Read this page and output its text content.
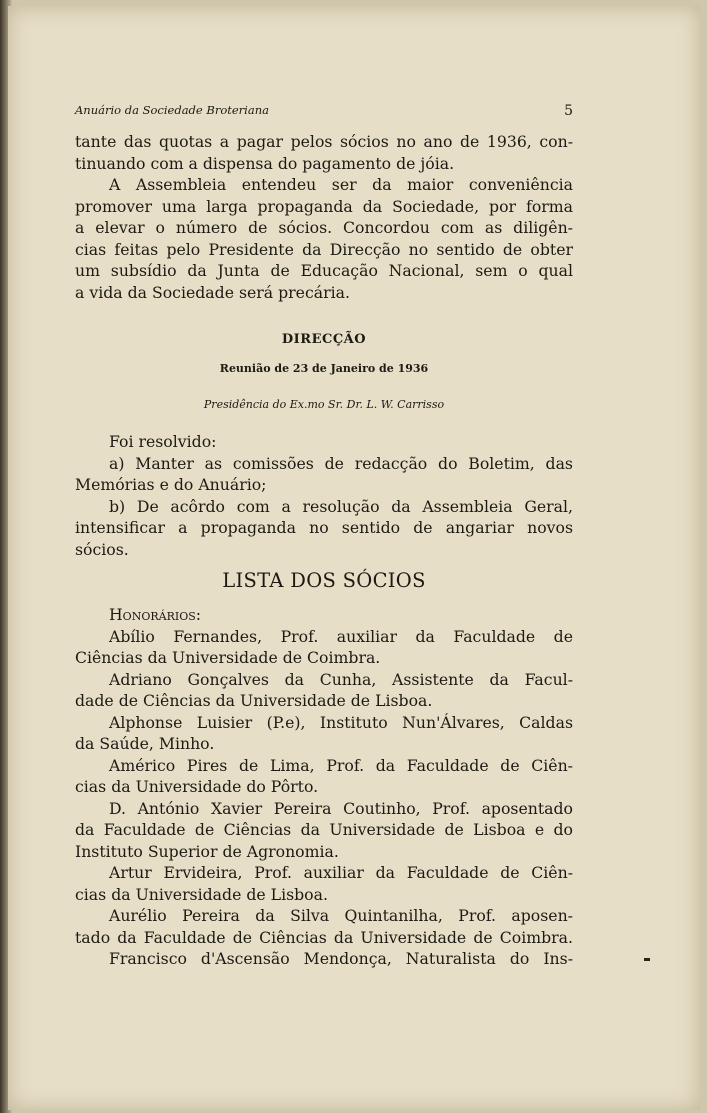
Anuário da Sociedade Broteriana	5
tante das quotas a pagar pelos sócios no ano de 1936, con-
tinuando com a dispensa do pagamento de jóia.
A Assembleia entendeu ser da maior conveniência
promover uma larga propaganda da Sociedade, por forma
a elevar o número de sócios. Concordou com as diligên-
cias feitas pelo Presidente da Direcção no sentido de obter
um subsídio da Junta de Educação Nacional, sem o qual
a vida da Sociedade será precária.
DIRECÇÃO
Reunião de 23 de Janeiro de 1936
Presidência do Ex.mo Sr. Dr. L. W. Carrisso
Foi resolvido:
a) Manter as comissões de redacção do Boletim, das
Memórias e do Anuário;
b) De acôrdo com a resolução da Assembleia Geral,
intensificar a propaganda no sentido de angariar novos
sócios.
LISTA DOS SÓCIOS
Honorários:
Abílio Fernandes, Prof. auxiliar da Faculdade de
Ciências da Universidade de Coimbra.
Adriano Gonçalves da Cunha, Assistente da Facul-
dade de Ciências da Universidade de Lisboa.
Alphonse Luisier (P.e), Instituto Nun'Álvares, Caldas
da Saúde, Minho.
Américo Pires de Lima, Prof. da Faculdade de Ciên-
cias da Universidade do Pôrto.
D. António Xavier Pereira Coutinho, Prof. aposentado
da Faculdade de Ciências da Universidade de Lisboa e do
Instituto Superior de Agronomia.
Artur Ervideira, Prof. auxiliar da Faculdade de Ciên-
cias da Universidade de Lisboa.
Aurélio Pereira da Silva Quintanilha, Prof. aposen-
tado da Faculdade de Ciências da Universidade de Coimbra.
Francisco d'Ascensão Mendonça, Naturalista do Ins-
